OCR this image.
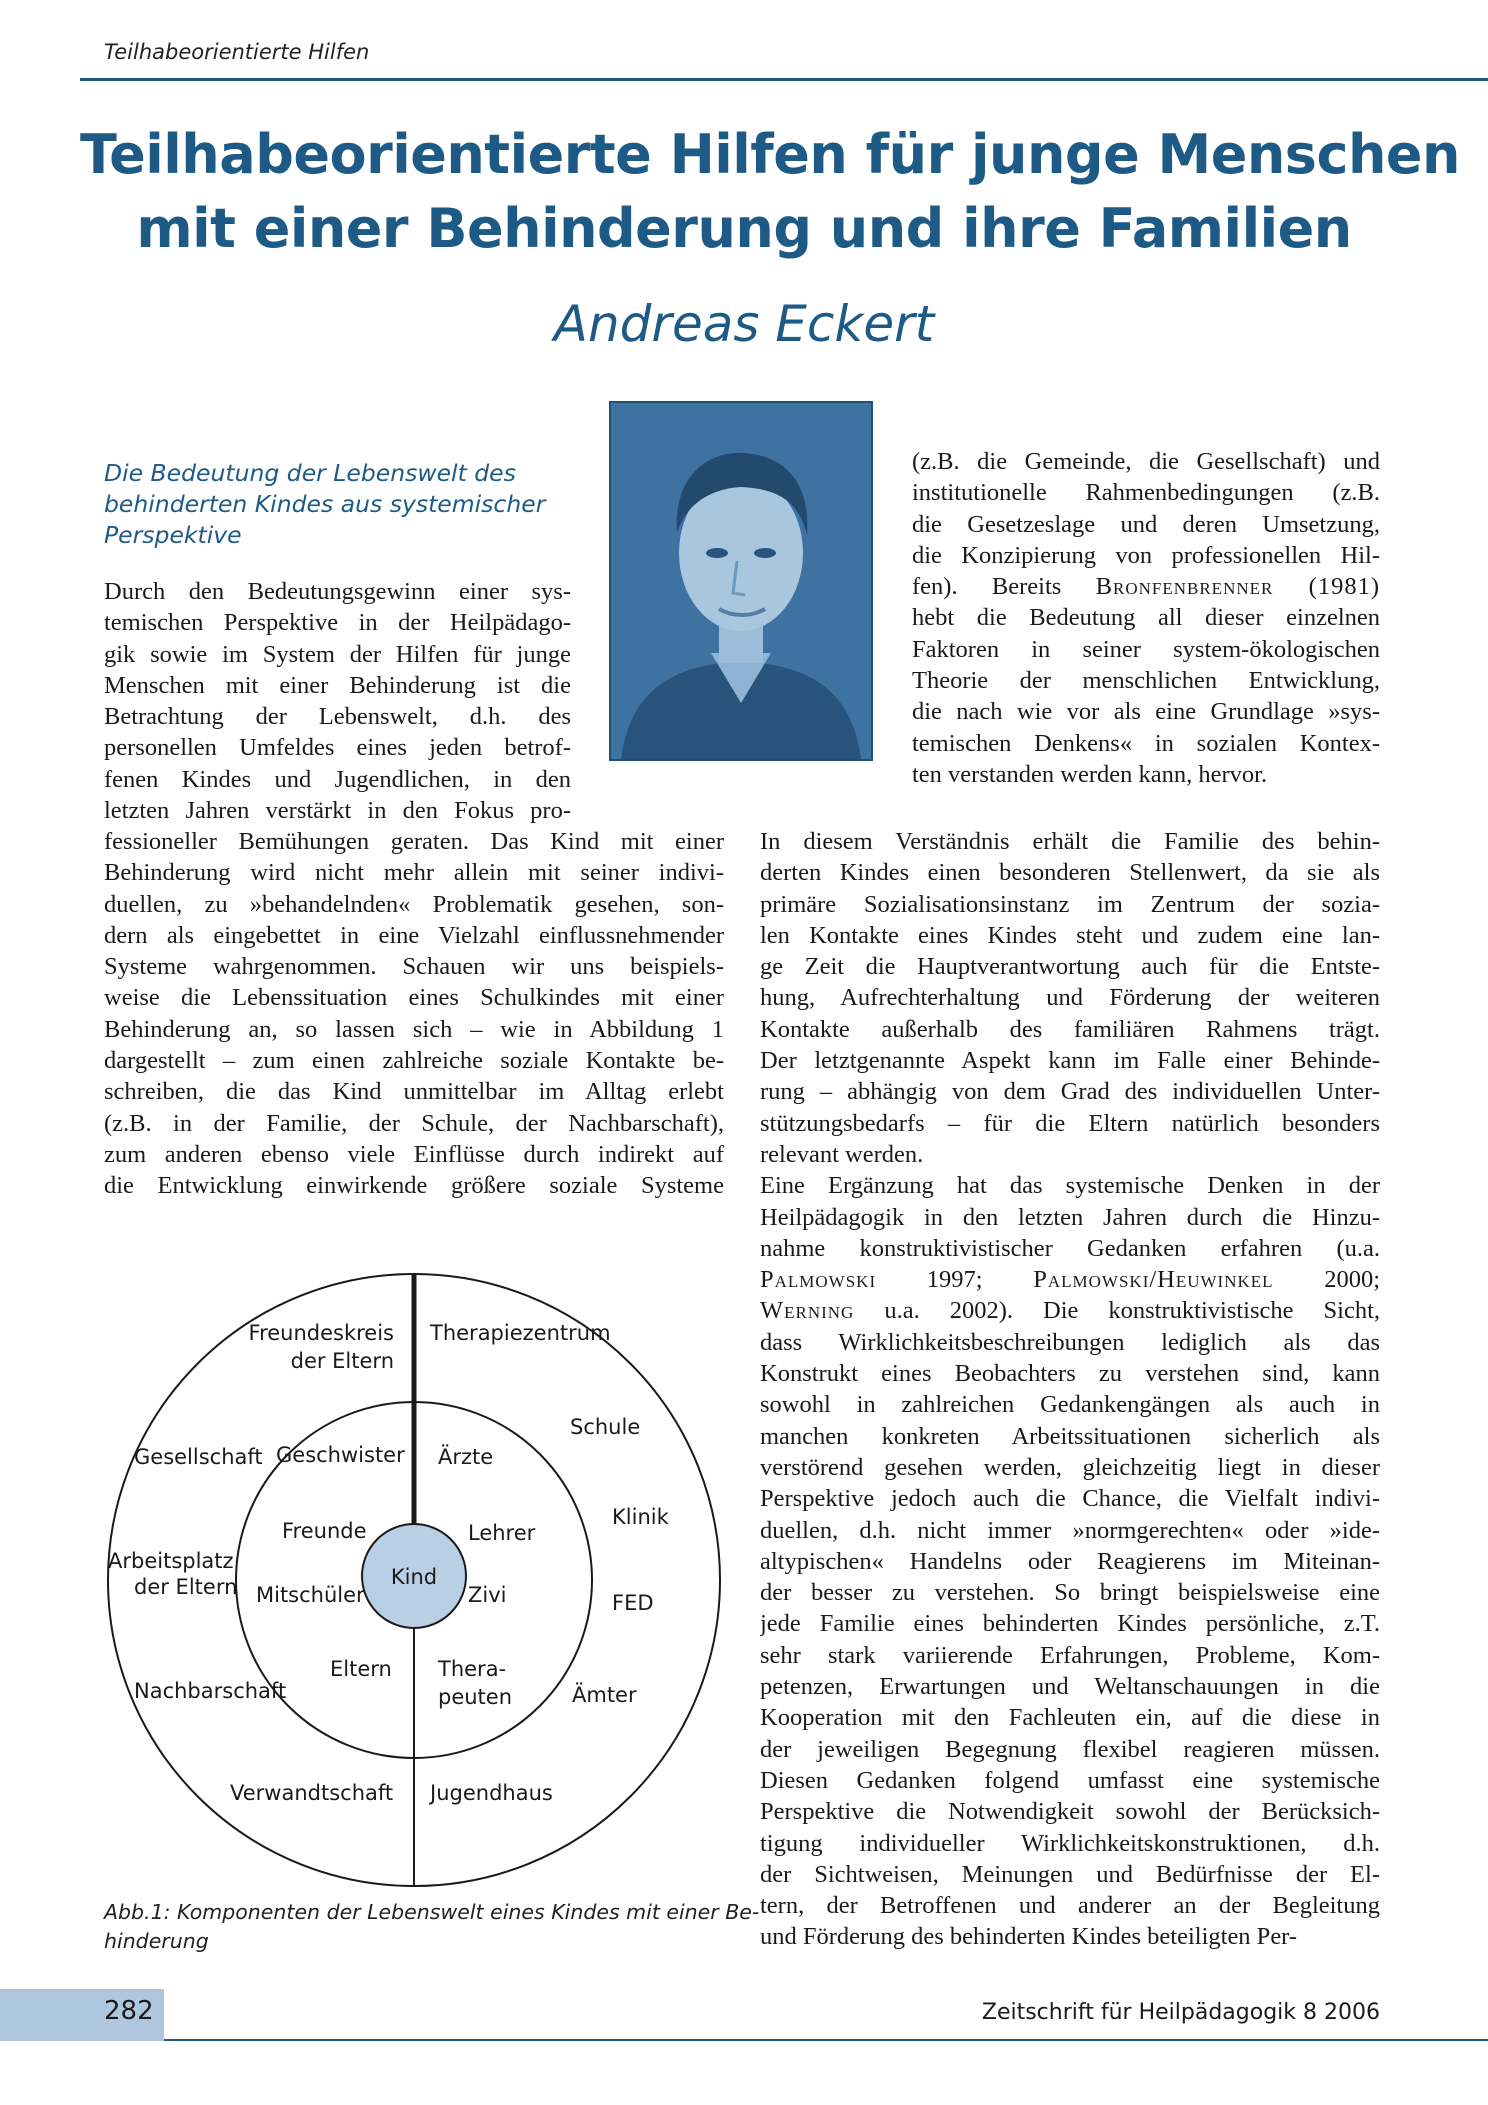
Teilhabeorientierte Hilfen
Teilhabeorientierte Hilfen für junge Menschen
mit einer Behinderung und ihre Familien
Andreas Eckert
Die Bedeutung der Lebenswelt des
behinderten Kindes aus systemischer
Perspektive
Durch den Bedeutungsgewinn einer sys-
temischen Perspektive in der Heilpädago-
gik sowie im System der Hilfen für junge
Menschen mit einer Behinderung ist die
Betrachtung der Lebenswelt, d.h. des
personellen Umfeldes eines jeden betrof-
fenen Kindes und Jugendlichen, in den
letzten Jahren verstärkt in den Fokus pro-
fessioneller Bemühungen geraten. Das Kind mit einer
Behinderung wird nicht mehr allein mit seiner indivi-
duellen, zu »behandelnden« Problematik gesehen, son-
dern als eingebettet in eine Vielzahl einflussnehmender
Systeme wahrgenommen. Schauen wir uns beispiels-
weise die Lebenssituation eines Schulkindes mit einer
Behinderung an, so lassen sich – wie in Abbildung 1
dargestellt – zum einen zahlreiche soziale Kontakte be-
schreiben, die das Kind unmittelbar im Alltag erlebt
(z.B. in der Familie, der Schule, der Nachbarschaft),
zum anderen ebenso viele Einflüsse durch indirekt auf
die Entwicklung einwirkende größere soziale Systeme
(z.B. die Gemeinde, die Gesellschaft) und
institutionelle Rahmenbedingungen (z.B.
die Gesetzeslage und deren Umsetzung,
die Konzipierung von professionellen Hil-
fen). Bereits Bronfenbrenner (1981)
hebt die Bedeutung all dieser einzelnen
Faktoren in seiner system-ökologischen
Theorie der menschlichen Entwicklung,
die nach wie vor als eine Grundlage »sys-
temischen Denkens« in sozialen Kontex-
ten verstanden werden kann, hervor.
In diesem Verständnis erhält die Familie des behin-
derten Kindes einen besonderen Stellenwert, da sie als
primäre Sozialisationsinstanz im Zentrum der sozia-
len Kontakte eines Kindes steht und zudem eine lan-
ge Zeit die Hauptverantwortung auch für die Entste-
hung, Aufrechterhaltung und Förderung der weiteren
Kontakte außerhalb des familiären Rahmens trägt.
Der letztgenannte Aspekt kann im Falle einer Behinde-
rung – abhängig von dem Grad des individuellen Unter-
stützungsbedarfs – für die Eltern natürlich besonders
relevant werden.
Eine Ergänzung hat das systemische Denken in der
Heilpädagogik in den letzten Jahren durch die Hinzu-
nahme konstruktivistischer Gedanken erfahren (u.a.
Palmowski 1997; Palmowski/Heuwinkel 2000;
Werning u.a. 2002). Die konstruktivistische Sicht,
dass Wirklichkeitsbeschreibungen lediglich als das
Konstrukt eines Beobachters zu verstehen sind, kann
sowohl in zahlreichen Gedankengängen als auch in
manchen konkreten Arbeitssituationen sicherlich als
verstörend gesehen werden, gleichzeitig liegt in dieser
Perspektive jedoch auch die Chance, die Vielfalt indivi-
duellen, d.h. nicht immer »normgerechten« oder »ide-
altypischen« Handelns oder Reagierens im Miteinan-
der besser zu verstehen. So bringt beispielsweise eine
jede Familie eines behinderten Kindes persönliche, z.T.
sehr stark variierende Erfahrungen, Probleme, Kom-
petenzen, Erwartungen und Weltanschauungen in die
Kooperation mit den Fachleuten ein, auf die diese in
der jeweiligen Begegnung flexibel reagieren müssen.
Diesen Gedanken folgend umfasst eine systemische
Perspektive die Notwendigkeit sowohl der Berücksich-
tigung individueller Wirklichkeitskonstruktionen, d.h.
der Sichtweisen, Meinungen und Bedürfnisse der El-
tern, der Betroffenen und anderer an der Begleitung
und Förderung des behinderten Kindes beteiligten Per-
Kind
Freundeskreis
der Eltern
Therapiezentrum
Schule
Gesellschaft Geschwister Ärzte
Klinik
Freunde	Lehrer
Arbeitsplatz
der Eltern Mitschüler	Zivi	FED
Eltern Thera-
peuten
Nachbarschaft	Ämter
Verwandtschaft Jugendhaus
Abb.1: Komponenten der Lebenswelt eines Kindes mit einer Be-
hinderung
282	Zeitschrift für Heilpädagogik 8 2006
